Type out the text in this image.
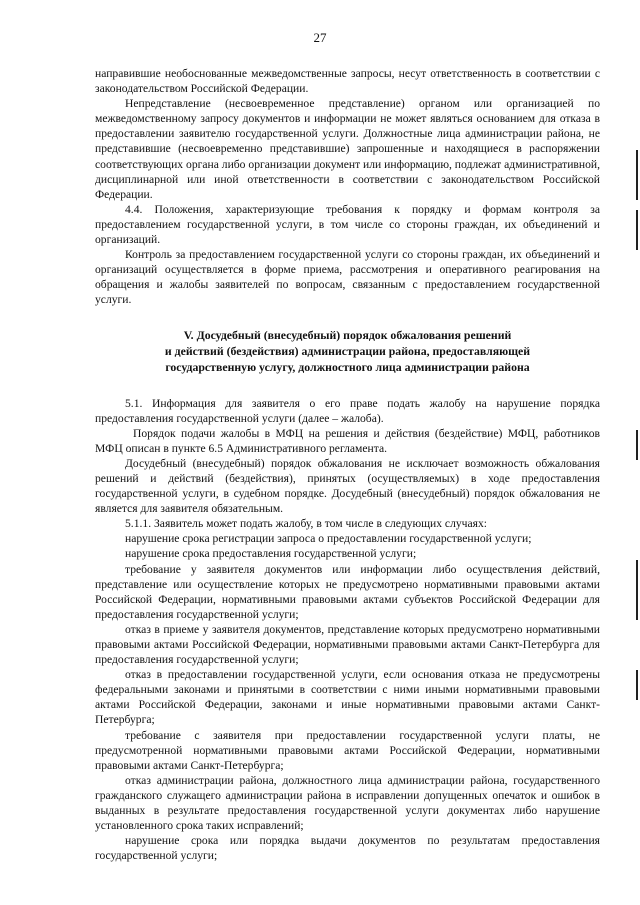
27

направившие необоснованные межведомственные запросы, несут ответственность в соответствии с законодательством Российской Федерации.

Непредставление (несвоевременное представление) органом или организацией по межведомственному запросу документов и информации не может являться основанием для отказа в предоставлении заявителю государственной услуги. Должностные лица администрации района, не представившие (несвоевременно представившие) запрошенные и находящиеся в распоряжении соответствующих органа либо организации документ или информацию, подлежат административной, дисциплинарной или иной ответственности в соответствии с законодательством Российской Федерации.

4.4. Положения, характеризующие требования к порядку и формам контроля за предоставлением государственной услуги, в том числе со стороны граждан, их объединений и организаций.

Контроль за предоставлением государственной услуги со стороны граждан, их объединений и организаций осуществляется в форме приема, рассмотрения и оперативного реагирования на обращения и жалобы заявителей по вопросам, связанным с предоставлением государственной услуги.

V. Досудебный (внесудебный) порядок обжалования решений
и действий (бездействия) администрации района, предоставляющей
государственную услугу, должностного лица администрации района

5.1. Информация для заявителя о его праве подать жалобу на нарушение порядка предоставления государственной услуги (далее – жалоба).

Порядок подачи жалобы в МФЦ на решения и действия (бездействие) МФЦ, работников МФЦ описан в пункте 6.5 Административного регламента.

Досудебный (внесудебный) порядок обжалования не исключает возможность обжалования решений и действий (бездействия), принятых (осуществляемых) в ходе предоставления государственной услуги, в судебном порядке. Досудебный (внесудебный) порядок обжалования не является для заявителя обязательным.

5.1.1. Заявитель может подать жалобу, в том числе в следующих случаях:

нарушение срока регистрации запроса о предоставлении государственной услуги;

нарушение срока предоставления государственной услуги;

требование у заявителя документов или информации либо осуществления действий, представление или осуществление которых не предусмотрено нормативными правовыми актами Российской Федерации, нормативными правовыми актами субъектов Российской Федерации для предоставления государственной услуги;

отказ в приеме у заявителя документов, представление которых предусмотрено нормативными правовыми актами Российской Федерации, нормативными правовыми актами Санкт-Петербурга для предоставления государственной услуги;

отказ в предоставлении государственной услуги, если основания отказа не предусмотрены федеральными законами и принятыми в соответствии с ними иными нормативными правовыми актами Российской Федерации, законами и иные нормативными правовыми актами Санкт-Петербурга;

требование с заявителя при предоставлении государственной услуги платы, не предусмотренной нормативными правовыми актами Российской Федерации, нормативными правовыми актами Санкт-Петербурга;

отказ администрации района, должностного лица администрации района, государственного гражданского служащего администрации района в исправлении допущенных опечаток и ошибок в выданных в результате предоставления государственной услуги документах либо нарушение установленного срока таких исправлений;

нарушение срока или порядка выдачи документов по результатам предоставления государственной услуги;
